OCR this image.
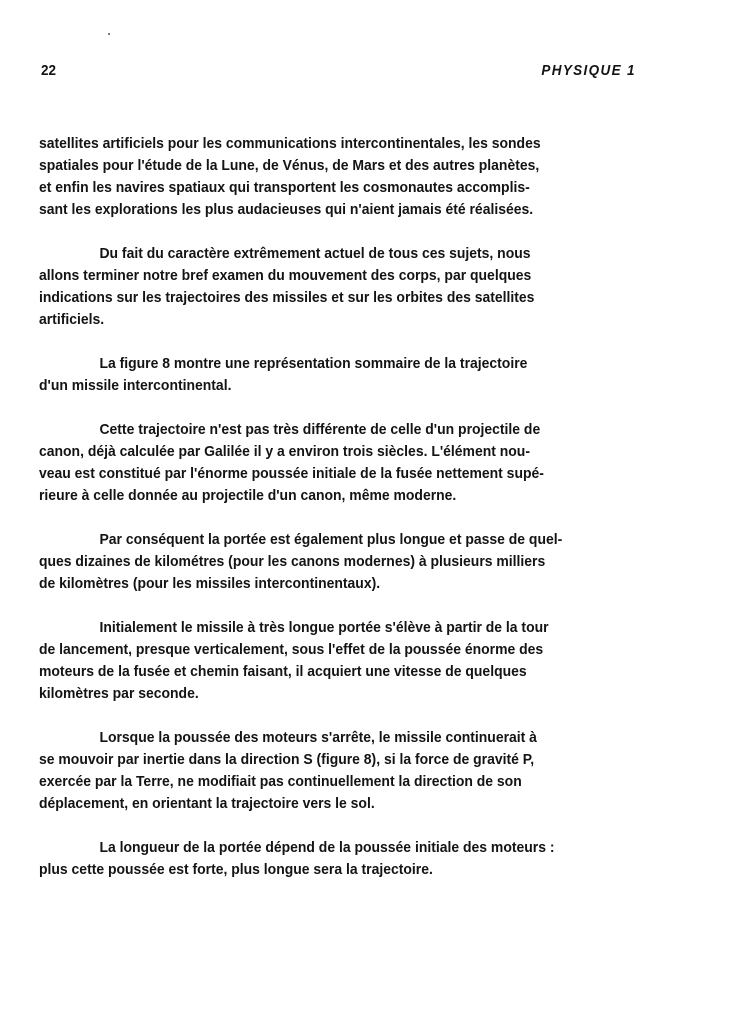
22	PHYSIQUE 1

satellites artificiels pour les communications intercontinentales, les sondes
spatiales pour l'étude de la Lune, de Vénus, de Mars et des autres planètes,
et enfin les navires spatiaux qui transportent les cosmonautes accomplis-
sant les explorations les plus audacieuses qui n'aient jamais été réalisées.

Du fait du caractère extrêmement actuel de tous ces sujets, nous
allons terminer notre bref examen du mouvement des corps, par quelques
indications sur les trajectoires des missiles et sur les orbites des satellites
artificiels.

La figure 8 montre une représentation sommaire de la trajectoire
d'un missile intercontinental.

Cette trajectoire n'est pas très différente de celle d'un projectile de
canon, déjà calculée par Galilée il y a environ trois siècles. L'élément nou-
veau est constitué par l'énorme poussée initiale de la fusée nettement supé-
rieure à celle donnée au projectile d'un canon, même moderne.

Par conséquent la portée est également plus longue et passe de quel-
ques dizaines de kilométres (pour les canons modernes) à plusieurs milliers
de kilomètres (pour les missiles intercontinentaux).

Initialement le missile à très longue portée s'élève à partir de la tour
de lancement, presque verticalement, sous l'effet de la poussée énorme des
moteurs de la fusée et chemin faisant, il acquiert une vitesse de quelques
kilomètres par seconde.

Lorsque la poussée des moteurs s'arrête, le missile continuerait à
se mouvoir par inertie dans la direction S (figure 8), si la force de gravité P,
exercée par la Terre, ne modifiait pas continuellement la direction de son
déplacement, en orientant la trajectoire vers le sol.

La longueur de la portée dépend de la poussée initiale des moteurs :
plus cette poussée est forte, plus longue sera la trajectoire.
